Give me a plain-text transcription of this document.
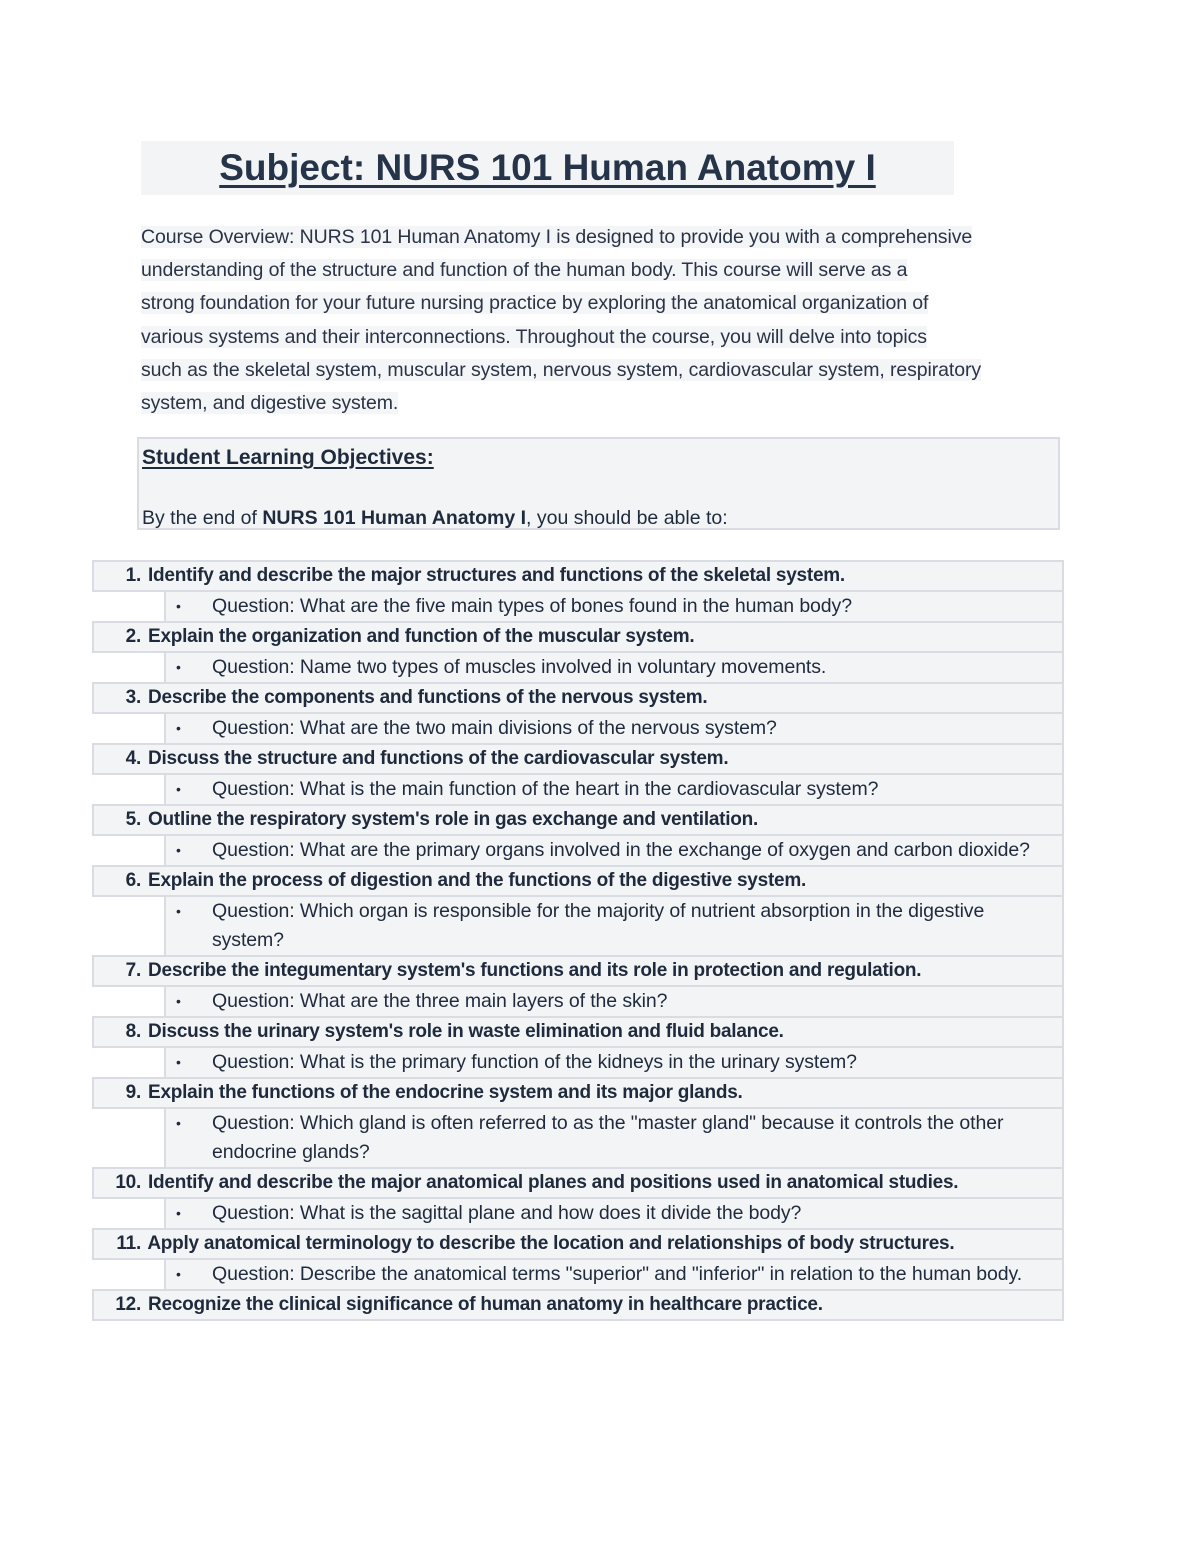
Subject: NURS 101 Human Anatomy I

Course Overview: NURS 101 Human Anatomy I is designed to provide you with a comprehensive
understanding of the structure and function of the human body. This course will serve as a
strong foundation for your future nursing practice by exploring the anatomical organization of
various systems and their interconnections. Throughout the course, you will delve into topics
such as the skeletal system, muscular system, nervous system, cardiovascular system, respiratory
system, and digestive system.

Student Learning Objectives:

By the end of NURS 101 Human Anatomy I, you should be able to:

1. Identify and describe the major structures and functions of the skeletal system.	

	• Question: What are the five main types of bones found in the human body?
2. Explain the organization and function of the muscular system.	

	• Question: Name two types of muscles involved in voluntary movements.
3. Describe the components and functions of the nervous system.	

	• Question: What are the two main divisions of the nervous system?
4. Discuss the structure and functions of the cardiovascular system.	

	• Question: What is the main function of the heart in the cardiovascular system?
5. Outline the respiratory system's role in gas exchange and ventilation.	

	• Question: What are the primary organs involved in the exchange of oxygen and carbon dioxide?
6. Explain the process of digestion and the functions of the digestive system.	

	• Question: Which organ is responsible for the majority of nutrient absorption in the digestive system?
7. Describe the integumentary system's functions and its role in protection and regulation.	

	• Question: What are the three main layers of the skin?
8. Discuss the urinary system's role in waste elimination and fluid balance.	

	• Question: What is the primary function of the kidneys in the urinary system?
9. Explain the functions of the endocrine system and its major glands.	

	• Question: Which gland is often referred to as the "master gland" because it controls the other endocrine glands?
10. Identify and describe the major anatomical planes and positions used in anatomical studies.	

	• Question: What is the sagittal plane and how does it divide the body?
11. Apply anatomical terminology to describe the location and relationships of body structures.	

	• Question: Describe the anatomical terms "superior" and "inferior" in relation to the human body.
12. Recognize the clinical significance of human anatomy in healthcare practice.	
